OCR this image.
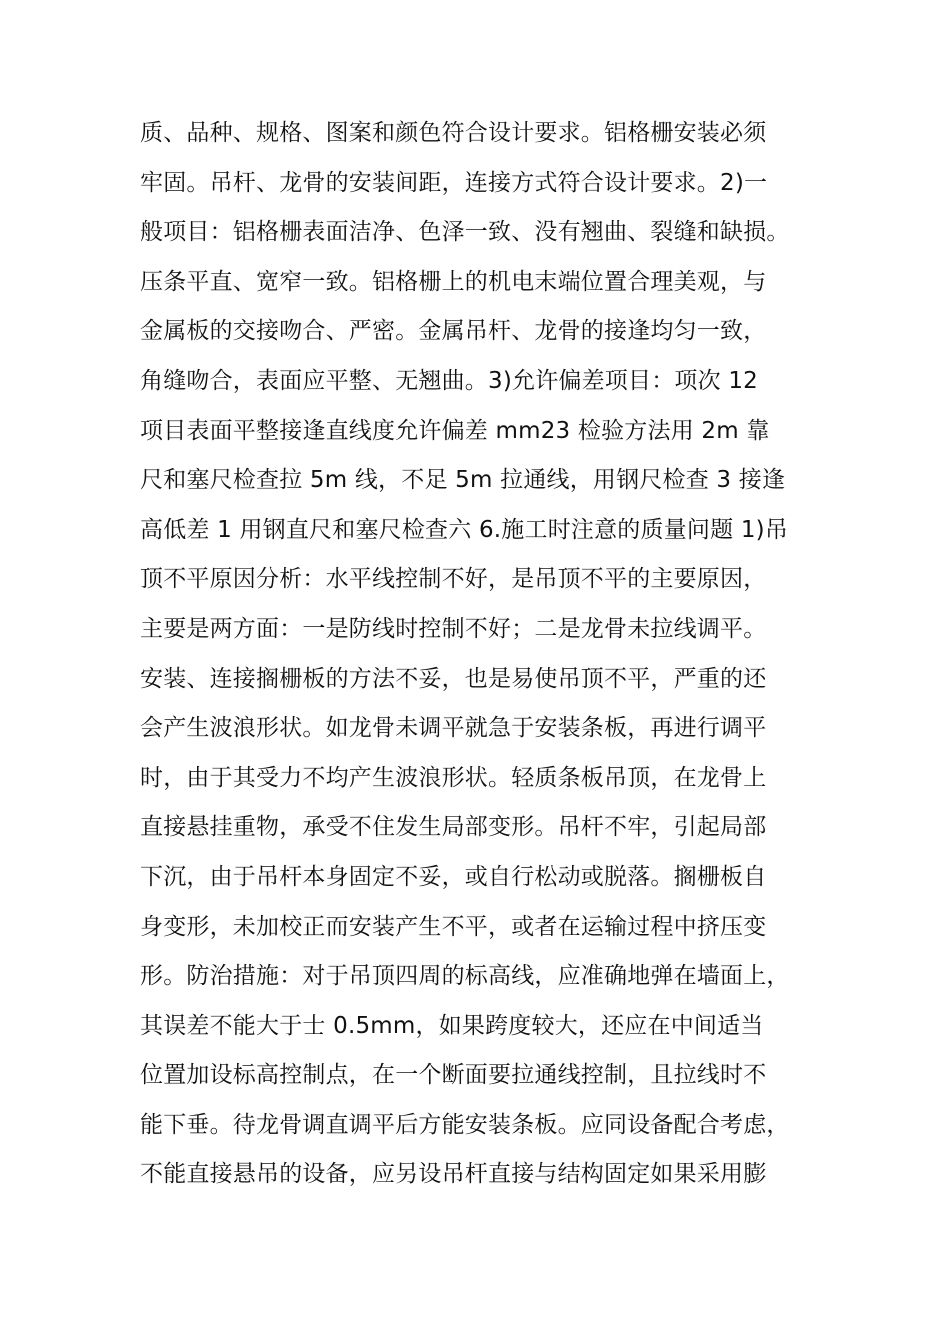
质、品种、规格、图案和颜色符合设计要求。铝格栅安装必须
牢固。吊杆、龙骨的安装间距，连接方式符合设计要求。2)一
般项目：铝格栅表面洁净、色泽一致、没有翘曲、裂缝和缺损。
压条平直、宽窄一致。铝格栅上的机电末端位置合理美观，与
金属板的交接吻合、严密。金属吊杆、龙骨的接逢均匀一致，
角缝吻合，表面应平整、无翘曲。3)允许偏差项目：项次 12
项目表面平整接逢直线度允许偏差 mm23 检验方法用 2m 靠
尺和塞尺检查拉 5m 线，不足 5m 拉通线，用钢尺检查 3 接逢
高低差 1 用钢直尺和塞尺检查六 6.施工时注意的质量问题 1)吊
顶不平原因分析：水平线控制不好，是吊顶不平的主要原因，
主要是两方面：一是防线时控制不好；二是龙骨未拉线调平。
安装、连接搁栅板的方法不妥，也是易使吊顶不平，严重的还
会产生波浪形状。如龙骨未调平就急于安装条板，再进行调平
时，由于其受力不均产生波浪形状。轻质条板吊顶，在龙骨上
直接悬挂重物，承受不住发生局部变形。吊杆不牢，引起局部
下沉，由于吊杆本身固定不妥，或自行松动或脱落。搁栅板自
身变形，未加校正而安装产生不平，或者在运输过程中挤压变
形。防治措施：对于吊顶四周的标高线，应准确地弹在墙面上，
其误差不能大于士 0.5mm，如果跨度较大，还应在中间适当
位置加设标高控制点，在一个断面要拉通线控制，且拉线时不
能下垂。待龙骨调直调平后方能安装条板。应同设备配合考虑，
不能直接悬吊的设备，应另设吊杆直接与结构固定如果采用膨
